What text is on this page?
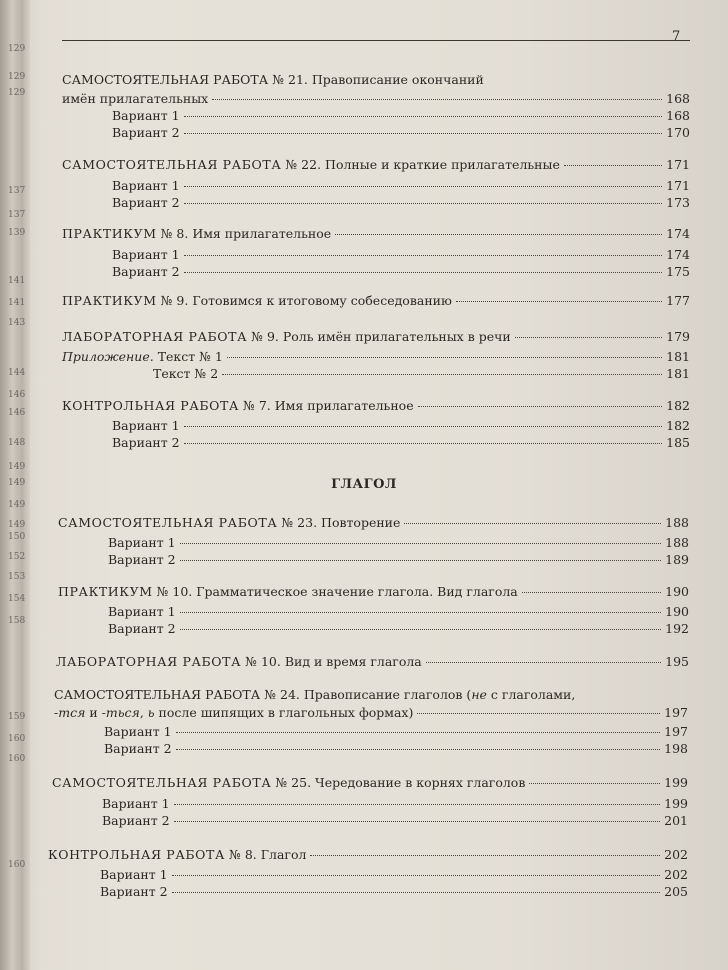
129
129
129
137
137
139
141
141
143
144
146
146
148
149
149
149
149
150
152
153
154
158
159
160
160
160
7
САМОСТОЯТЕЛЬНАЯ РАБОТА № 21. Правописание окончаний
имён прилагательных	168
Вариант 1	168
Вариант 2	170
САМОСТОЯТЕЛЬНАЯ РАБОТА № 22. Полные и краткие прилагательные	171
Вариант 1	171
Вариант 2	173
ПРАКТИКУМ № 8. Имя прилагательное	174
Вариант 1	174
Вариант 2	175
ПРАКТИКУМ № 9. Готовимся к итоговому собеседованию	177
ЛАБОРАТОРНАЯ РАБОТА № 9. Роль имён прилагательных в речи	179
Приложение. Текст № 1	181
Текст № 2	181
КОНТРОЛЬНАЯ РАБОТА № 7. Имя прилагательное	182
Вариант 1	182
Вариант 2	185
ГЛАГОЛ
САМОСТОЯТЕЛЬНАЯ РАБОТА № 23. Повторение	188
Вариант 1	188
Вариант 2	189
ПРАКТИКУМ № 10. Грамматическое значение глагола. Вид глагола	190
Вариант 1	190
Вариант 2	192
ЛАБОРАТОРНАЯ РАБОТА № 10. Вид и время глагола	195
САМОСТОЯТЕЛЬНАЯ РАБОТА № 24. Правописание глаголов (не с глаголами,
-тся и -ться, ь после шипящих в глагольных формах)	197
Вариант 1	197
Вариант 2	198
САМОСТОЯТЕЛЬНАЯ РАБОТА № 25. Чередование в корнях глаголов	199
Вариант 1	199
Вариант 2	201
КОНТРОЛЬНАЯ РАБОТА № 8. Глагол	202
Вариант 1	202
Вариант 2	205
